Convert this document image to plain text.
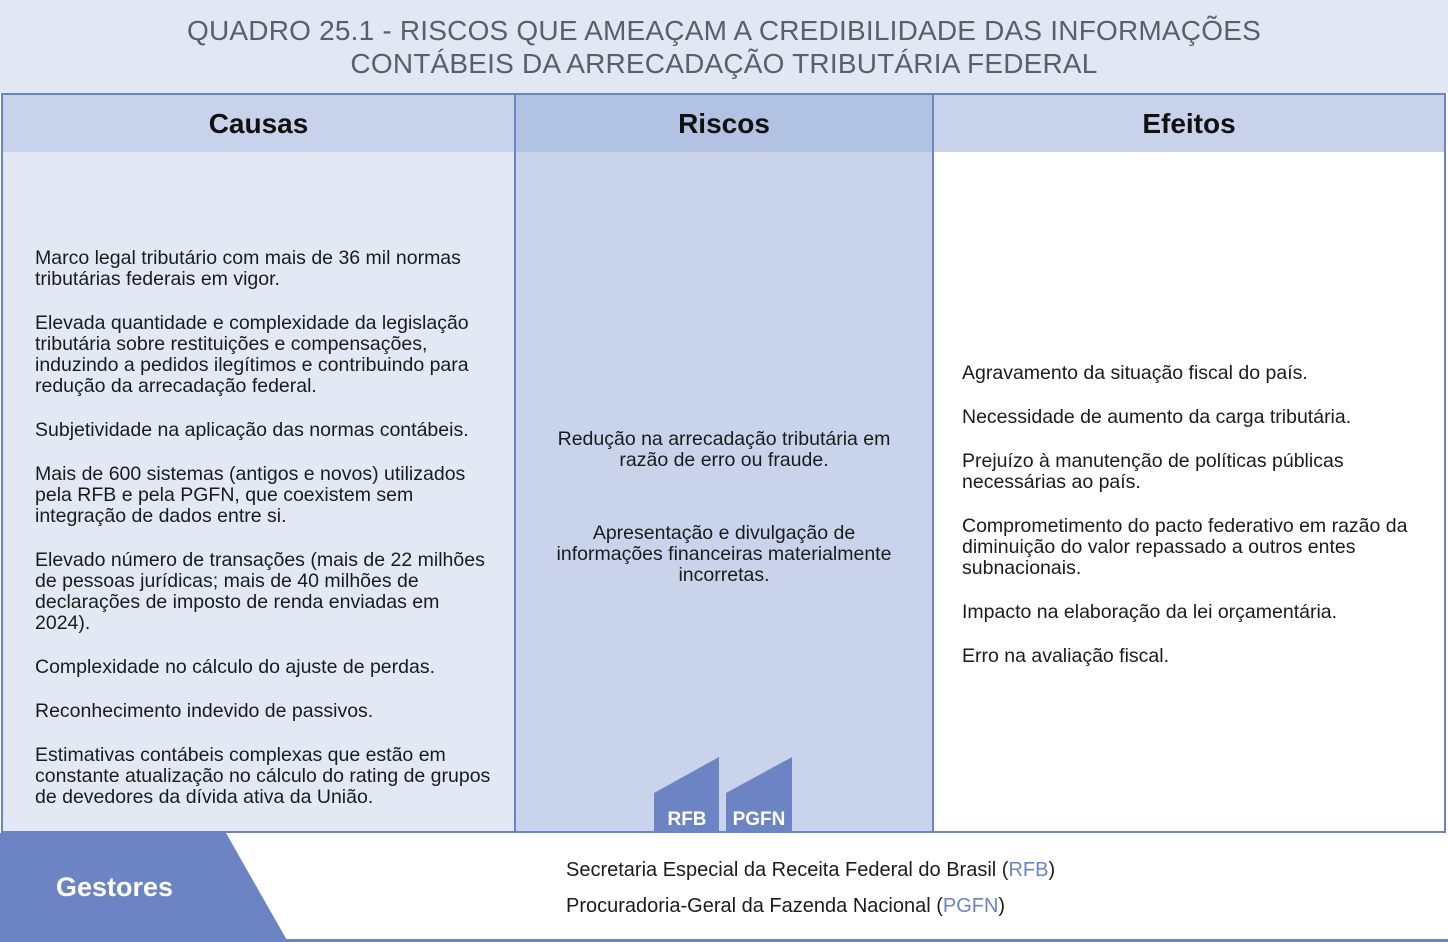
QUADRO 25.1 - RISCOS QUE AMEAÇAM A CREDIBILIDADE DAS INFORMAÇÕES
CONTÁBEIS DA ARRECADAÇÃO TRIBUTÁRIA FEDERAL
Causas

Marco legal tributário com mais de 36 mil normas tributárias federais em vigor.

Elevada quantidade e complexidade da legislação tributária sobre restituições e compensações, induzindo a pedidos ilegítimos e contribuindo para redução da arrecadação federal.

Subjetividade na aplicação das normas contábeis.

Mais de 600 sistemas (antigos e novos) utilizados pela RFB e pela PGFN, que coexistem sem integração de dados entre si.

Elevado número de transações (mais de 22 milhões de pessoas jurídicas; mais de 40 milhões de declarações de imposto de renda enviadas em 2024).

Complexidade no cálculo do ajuste de perdas.

Reconhecimento indevido de passivos.

Estimativas contábeis complexas que estão em constante atualização no cálculo do rating de grupos de devedores da dívida ativa da União.

Riscos

Redução na arrecadação tributária em razão de erro ou fraude.

Apresentação e divulgação de informações financeiras materialmente incorretas.

Efeitos

Agravamento da situação fiscal do país.

Necessidade de aumento da carga tributária.

Prejuízo à manutenção de políticas públicas necessárias ao país.

Comprometimento do pacto federativo em razão da diminuição do valor repassado a outros entes subnacionais.

Impacto na elaboração da lei orçamentária.

Erro na avaliação fiscal.

RFB PGFN
Gestores
Secretaria Especial da Receita Federal do Brasil (RFB)
Procuradoria-Geral da Fazenda Nacional (PGFN)
